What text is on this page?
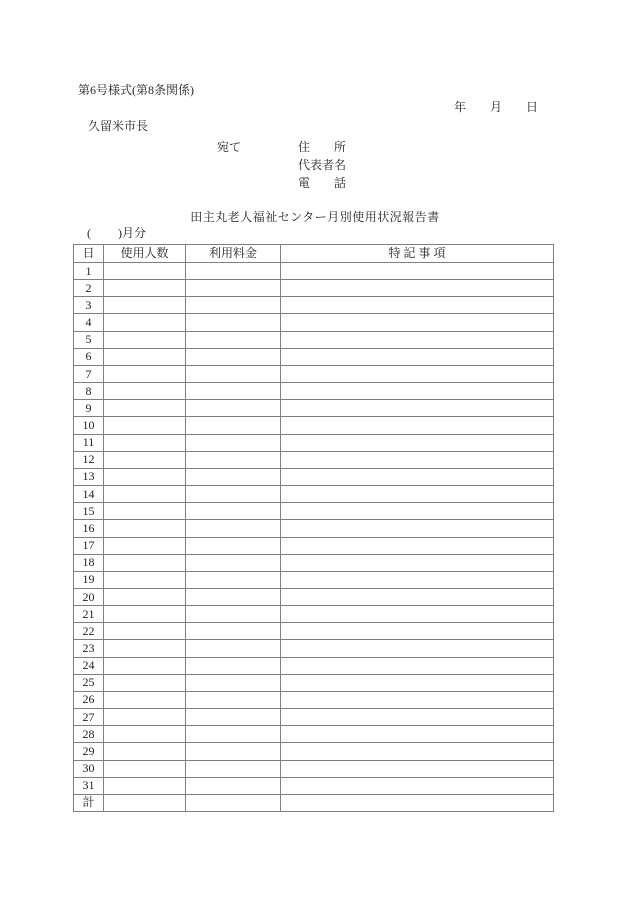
第6号様式(第8条関係)
年　　月　　日
久留米市長
宛て	住　　所
代表者名
電　　話
田主丸老人福祉センター月別使用状況報告書
(　　 )月分
日	使用人数	利用料金	特 記 事 項
1			
2			
3			
4			
5			
6			
7			
8			
9			
10			
11			
12			
13			
14			
15			
16			
17			
18			
19			
20			
21			
22			
23			
24			
25			
26			
27			
28			
29			
30			
31			
計			
